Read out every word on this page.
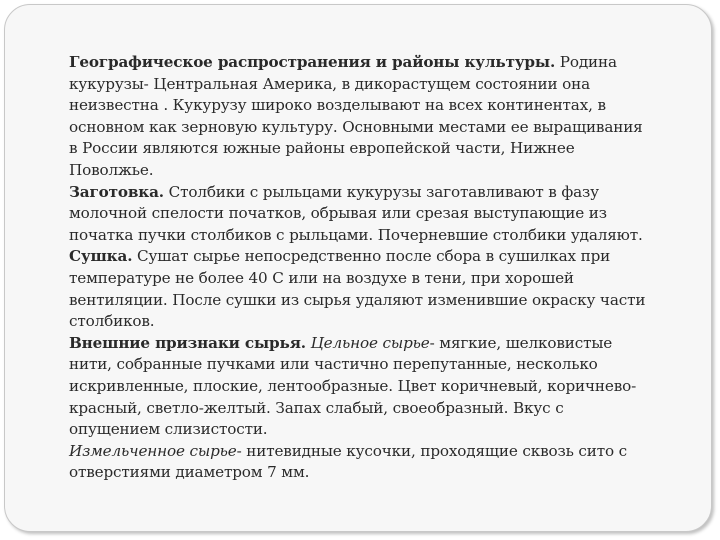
Географическое распространения и районы культуры. Родина кукурузы- Центральная Америка, в дикорастущем состоянии она неизвестна . Кукурузу широко возделывают на всех континентах, в основном как зерновую культуру. Основными местами ее выращивания в России являются южные районы европейской части, Нижнее Поволжье.

Заготовка. Столбики с рыльцами кукурузы заготавливают в фазу молочной спелости початков, обрывая или срезая выступающие из початка пучки столбиков с рыльцами. Почерневшие столбики удаляют.

Сушка. Сушат сырье непосредственно после сбора в сушилках при температуре не более 40 С или на воздухе в тени, при хорошей вентиляции. После сушки из сырья удаляют изменившие окраску части столбиков.

Внешние признаки сырья. Цельное сырье- мягкие, шелковистые нити, собранные пучками или частично перепутанные, несколько искривленные, плоские, лентообразные. Цвет коричневый, коричнево-красный, светло-желтый. Запах слабый, своеобразный. Вкус с опущением слизистости.

Измельченное сырье- нитевидные кусочки, проходящие сквозь сито с отверстиями диаметром 7 мм.
